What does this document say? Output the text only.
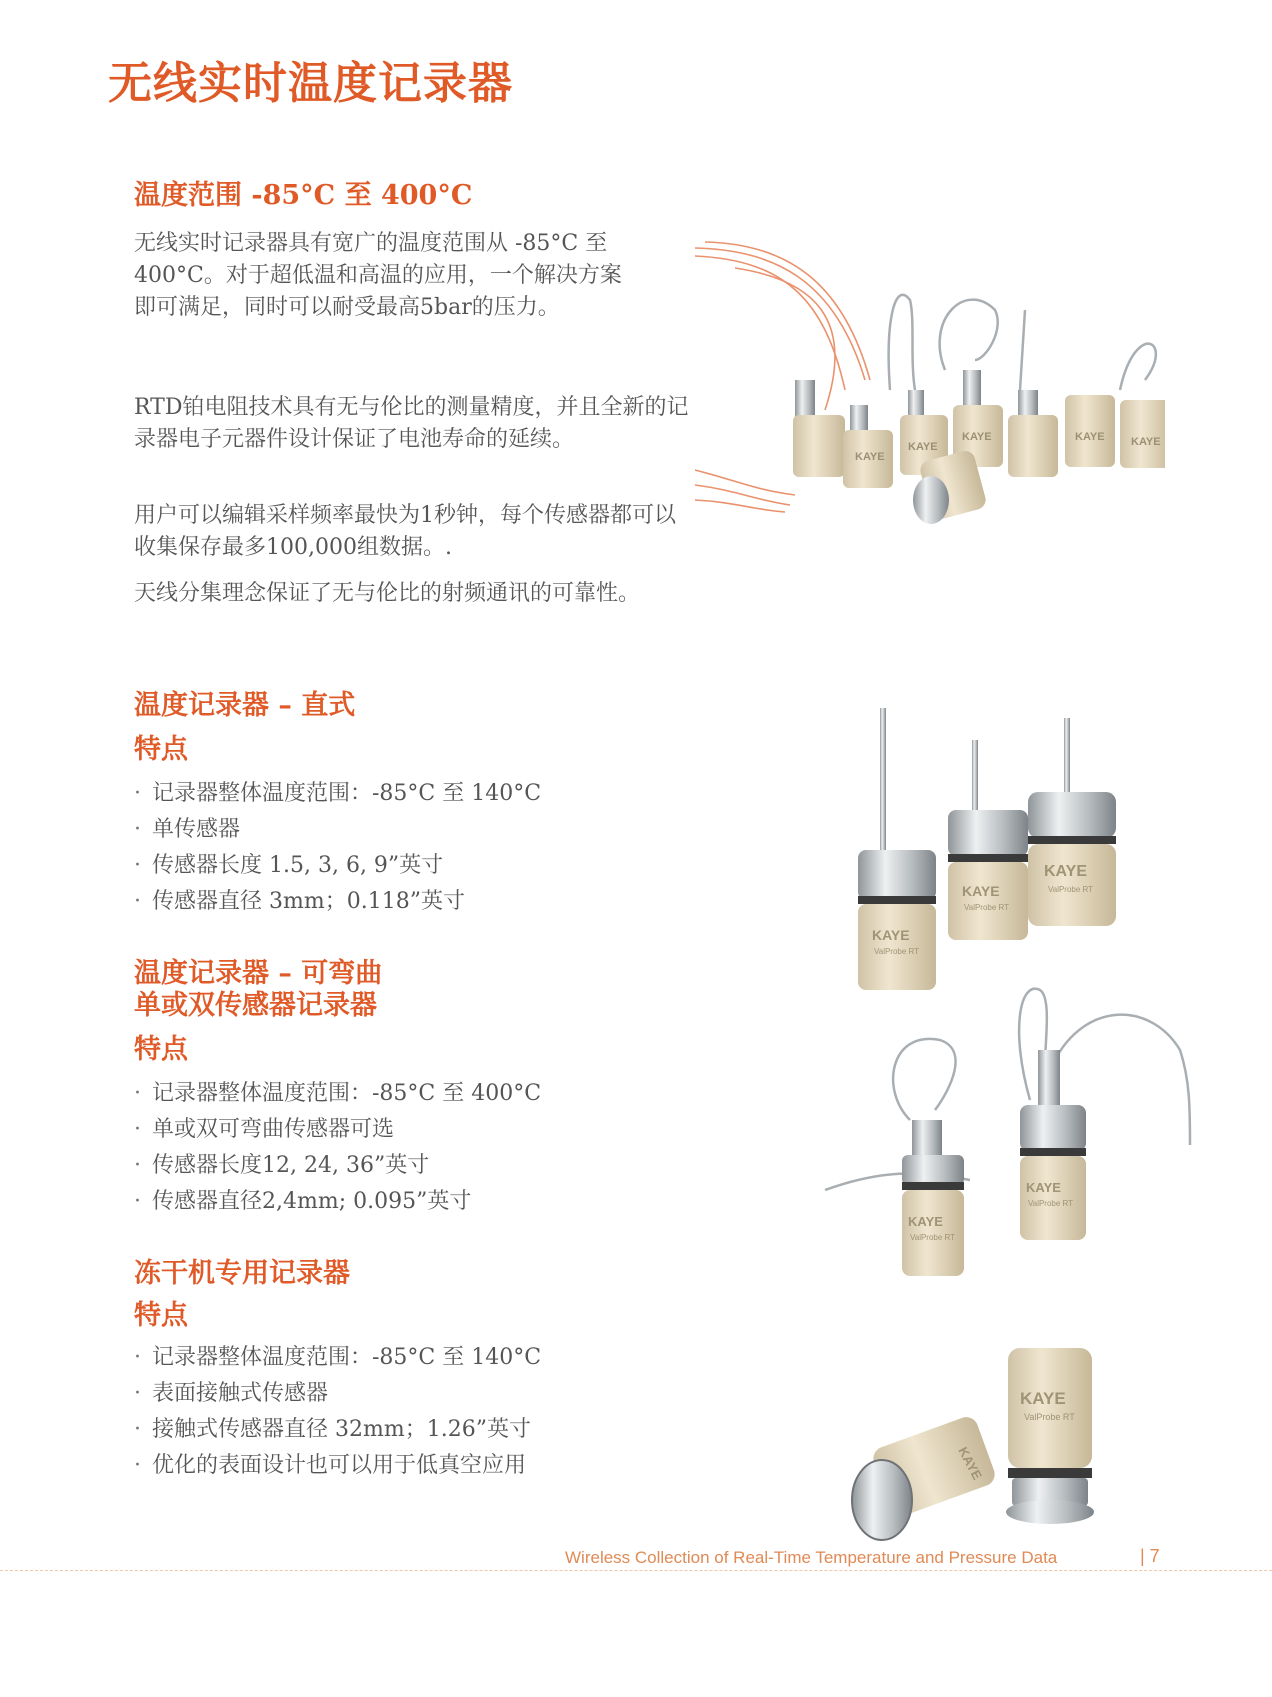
无线实时温度记录器
温度范围 -85°C 至 400°C

无线实时记录器具有宽广的温度范围从 -85°C 至 400°C。对于超低温和高温的应用，一个解决方案即可满足，同时可以耐受最高5bar的压力。

RTD铂电阻技术具有无与伦比的测量精度，并且全新的记录器电子元器件设计保证了电池寿命的延续。

用户可以编辑采样频率最快为1秒钟，每个传感器都可以收集保存最多100,000组数据。.

天线分集理念保证了无与伦比的射频通讯的可靠性。

KAYE
KAYE
KAYE	KAYE KAYE
温度记录器 – 直式
特点
· 记录器整体温度范围：-85°C 至 140°C
· 单传感器
· 传感器长度 1.5, 3, 6, 9”英寸
· 传感器直径 3mm；0.118”英寸
KAYE
KAYE
KAYE
ValProbe RT
ValProbe RT
ValProbe RT
温度记录器 – 可弯曲
单或双传感器记录器
特点
· 记录器整体温度范围：-85°C 至 400°C
· 单或双可弯曲传感器可选
· 传感器长度12, 24, 36”英寸
· 传感器直径2,4mm; 0.095”英寸
KAYE
KAYE
ValProbe RT
ValProbe RT
冻干机专用记录器
特点
· 记录器整体温度范围：-85°C 至 140°C
· 表面接触式传感器
· 接触式传感器直径 32mm；1.26”英寸
· 优化的表面设计也可以用于低真空应用
KAYE
KAYE
ValProbe RT
Wireless Collection of Real-Time Temperature and Pressure Data	| 7
